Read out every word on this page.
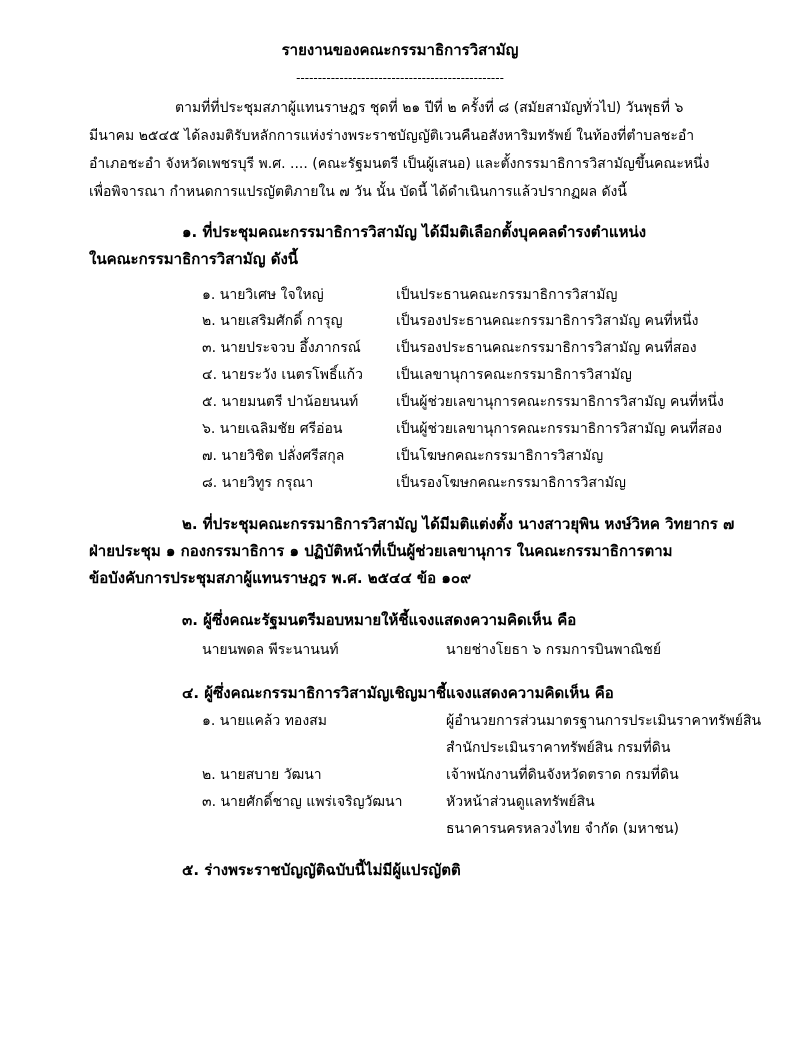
รายงานของคณะกรรมาธิการวิสามัญ
------------------------------------------------
ตามที่ที่ประชุมสภาผู้แทนราษฎร ชุดที่ ๒๑ ปีที่ ๒ ครั้งที่ ๘ (สมัยสามัญทั่วไป) วันพุธที่ ๖
มีนาคม ๒๕๔๕ ได้ลงมติรับหลักการแห่งร่างพระราชบัญญัติเวนคืนอสังหาริมทรัพย์ ในท้องที่ตำบลชะอำ
อำเภอชะอำ จังหวัดเพชรบุรี พ.ศ. .... (คณะรัฐมนตรี เป็นผู้เสนอ) และตั้งกรรมาธิการวิสามัญขึ้นคณะหนึ่ง
เพื่อพิจารณา กำหนดการแปรญัตติภายใน ๗ วัน นั้น บัดนี้ ได้ดำเนินการแล้วปรากฏผล ดังนี้
๑. ที่ประชุมคณะกรรมาธิการวิสามัญ ได้มีมติเลือกตั้งบุคคลดำรงตำแหน่ง
ในคณะกรรมาธิการวิสามัญ ดังนี้
๑. นายวิเศษ ใจใหญ่	เป็นประธานคณะกรรมาธิการวิสามัญ
๒. นายเสริมศักดิ์ การุญ	เป็นรองประธานคณะกรรมาธิการวิสามัญ คนที่หนึ่ง
๓. นายประจวบ อึ้งภากรณ์	เป็นรองประธานคณะกรรมาธิการวิสามัญ คนที่สอง
๔. นายระวัง เนตรโพธิ์แก้ว เป็นเลขานุการคณะกรรมาธิการวิสามัญ
๕. นายมนตรี ปาน้อยนนท์	เป็นผู้ช่วยเลขานุการคณะกรรมาธิการวิสามัญ คนที่หนึ่ง
๖. นายเฉลิมชัย ศรีอ่อน	เป็นผู้ช่วยเลขานุการคณะกรรมาธิการวิสามัญ คนที่สอง
๗. นายวิชิต ปลั่งศรีสกุล	เป็นโฆษกคณะกรรมาธิการวิสามัญ
๘. นายวิทูร กรุณา	เป็นรองโฆษกคณะกรรมาธิการวิสามัญ
๒. ที่ประชุมคณะกรรมาธิการวิสามัญ ได้มีมติแต่งตั้ง นางสาวยุพิน หงษ์วิหค วิทยากร ๗
ฝ่ายประชุม ๑ กองกรรมาธิการ ๑ ปฏิบัติหน้าที่เป็นผู้ช่วยเลขานุการ ในคณะกรรมาธิการตาม
ข้อบังคับการประชุมสภาผู้แทนราษฎร พ.ศ. ๒๕๔๔ ข้อ ๑๐๙
๓. ผู้ซึ่งคณะรัฐมนตรีมอบหมายให้ชี้แจงแสดงความคิดเห็น คือ
นายนพดล พีระนานนท์	นายช่างโยธา ๖ กรมการบินพาณิชย์
๔. ผู้ซึ่งคณะกรรมาธิการวิสามัญเชิญมาชี้แจงแสดงความคิดเห็น คือ
๑. นายแคล้ว ทองสม	ผู้อำนวยการส่วนมาตรฐานการประเมินราคาทรัพย์สิน
สำนักประเมินราคาทรัพย์สิน กรมที่ดิน
๒. นายสบาย วัฒนา	เจ้าพนักงานที่ดินจังหวัดตราด กรมที่ดิน
๓. นายศักดิ์ชาญ แพร่เจริญวัฒนา	หัวหน้าส่วนดูแลทรัพย์สิน
ธนาคารนครหลวงไทย จำกัด (มหาชน)
๕. ร่างพระราชบัญญัติฉบับนี้ไม่มีผู้แปรญัตติ
